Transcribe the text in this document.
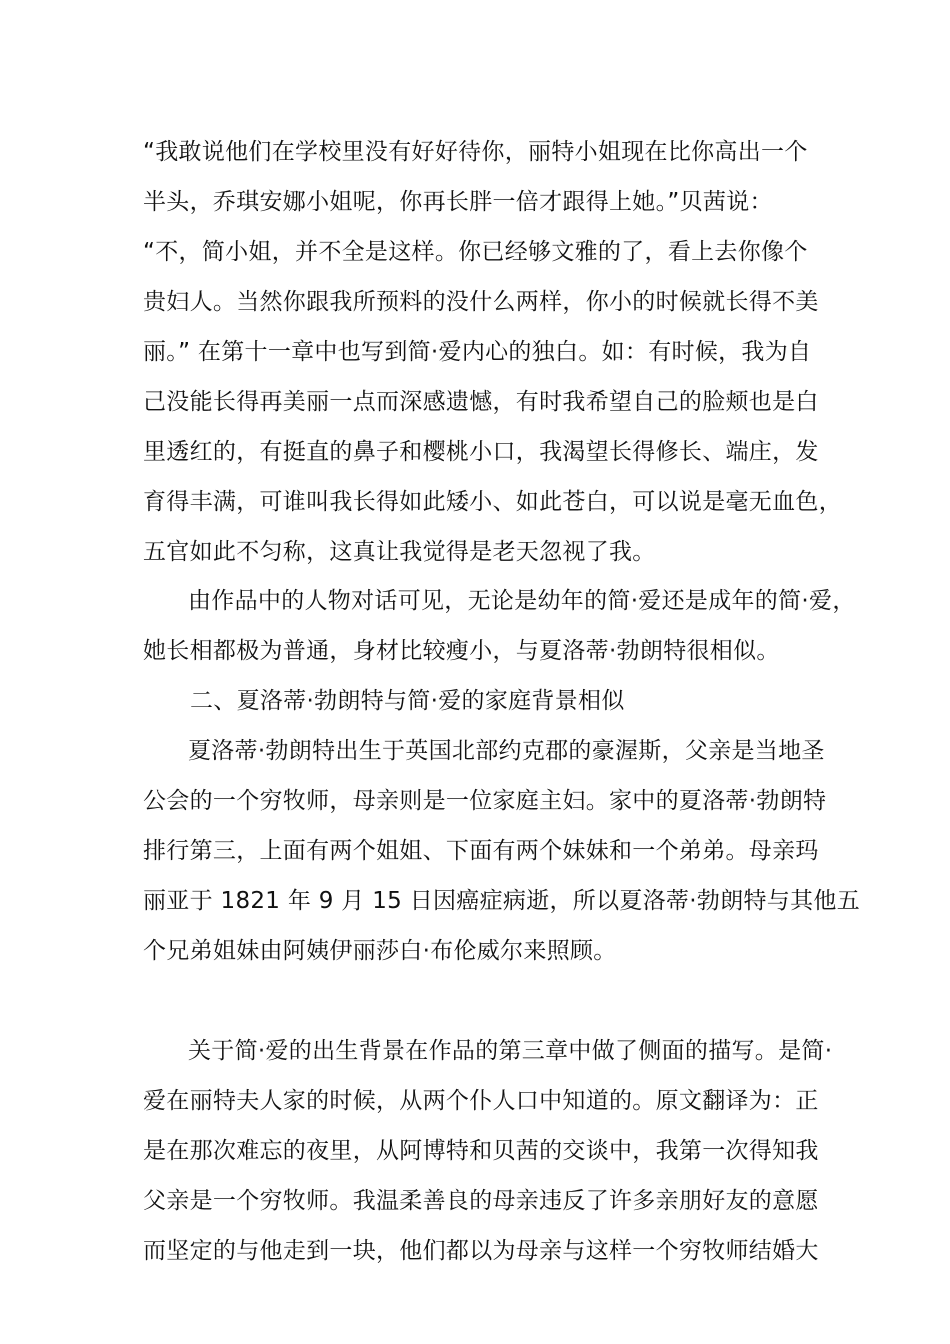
“我敢说他们在学校里没有好好待你，丽特小姐现在比你高出一个
半头，乔琪安娜小姐呢，你再长胖一倍才跟得上她。”贝茜说：
“不，简小姐，并不全是这样。你已经够文雅的了，看上去你像个
贵妇人。当然你跟我所预料的没什么两样，你小的时候就长得不美
丽。” 在第十一章中也写到简·爱内心的独白。如：有时候，我为自
己没能长得再美丽一点而深感遗憾，有时我希望自己的脸颊也是白
里透红的，有挺直的鼻子和樱桃小口，我渴望长得修长、端庄，发
育得丰满，可谁叫我长得如此矮小、如此苍白，可以说是毫无血色，
五官如此不匀称，这真让我觉得是老天忽视了我。
由作品中的人物对话可见，无论是幼年的简·爱还是成年的简·爱，
她长相都极为普通，身材比较瘦小，与夏洛蒂·勃朗特很相似。
二、夏洛蒂·勃朗特与简·爱的家庭背景相似
夏洛蒂·勃朗特出生于英国北部约克郡的豪渥斯，父亲是当地圣
公会的一个穷牧师，母亲则是一位家庭主妇。家中的夏洛蒂·勃朗特
排行第三，上面有两个姐姐、下面有两个妹妹和一个弟弟。母亲玛
丽亚于 1821 年 9 月 15 日因癌症病逝，所以夏洛蒂·勃朗特与其他五
个兄弟姐妹由阿姨伊丽莎白·布伦威尔来照顾。
关于简·爱的出生背景在作品的第三章中做了侧面的描写。是简·
爱在丽特夫人家的时候，从两个仆人口中知道的。原文翻译为：正
是在那次难忘的夜里，从阿博特和贝茜的交谈中，我第一次得知我
父亲是一个穷牧师。我温柔善良的母亲违反了许多亲朋好友的意愿
而坚定的与他走到一块，他们都以为母亲与这样一个穷牧师结婚大
